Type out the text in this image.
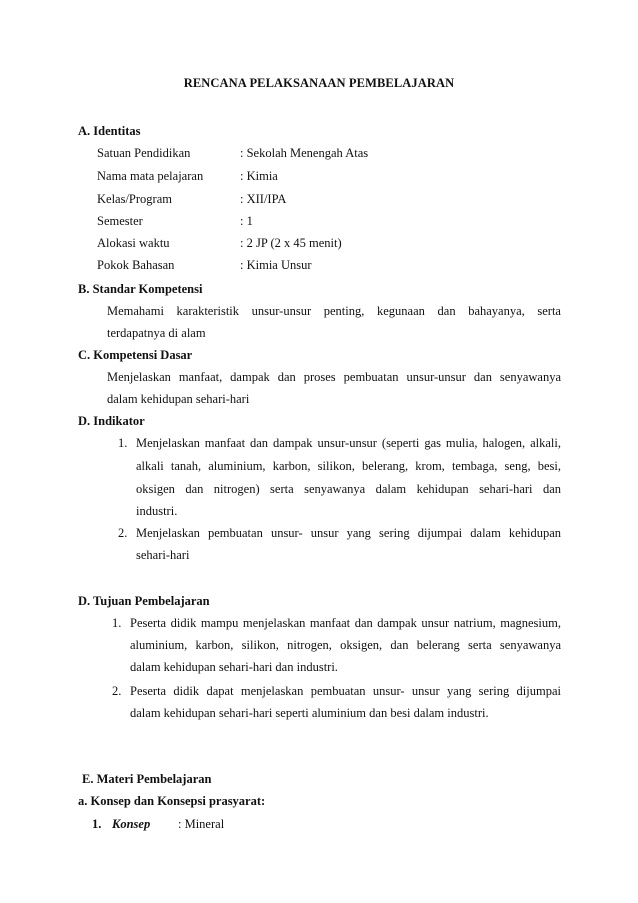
RENCANA PELAKSANAAN PEMBELAJARAN
A. Identitas
Satuan Pendidikan	: Sekolah Menengah Atas
Nama mata pelajaran	: Kimia
Kelas/Program	: XII/IPA
Semester	: 1
Alokasi waktu	: 2 JP (2 x 45 menit)
Pokok Bahasan	: Kimia Unsur
B. Standar Kompetensi
Memahami karakteristik unsur-unsur penting, kegunaan dan bahayanya, serta
terdapatnya di alam
C. Kompetensi Dasar
Menjelaskan manfaat, dampak dan proses pembuatan unsur-unsur dan senyawanya
dalam kehidupan sehari-hari
D. Indikator
1. Menjelaskan manfaat dan dampak unsur-unsur (seperti gas mulia, halogen, alkali,
alkali tanah, aluminium, karbon, silikon, belerang, krom, tembaga, seng, besi,
oksigen dan nitrogen) serta senyawanya dalam kehidupan sehari-hari dan
industri.
2. Menjelaskan pembuatan unsur- unsur yang sering dijumpai dalam kehidupan
sehari-hari
D. Tujuan Pembelajaran
1. Peserta didik mampu menjelaskan manfaat dan dampak unsur natrium, magnesium,
aluminium, karbon, silikon, nitrogen, oksigen, dan belerang serta senyawanya
dalam kehidupan sehari-hari dan industri.
2. Peserta didik dapat menjelaskan pembuatan unsur- unsur yang sering dijumpai
dalam kehidupan sehari-hari seperti aluminium dan besi dalam industri.
E. Materi Pembelajaran
a. Konsep dan Konsepsi prasyarat:
1. Konsep : Mineral
